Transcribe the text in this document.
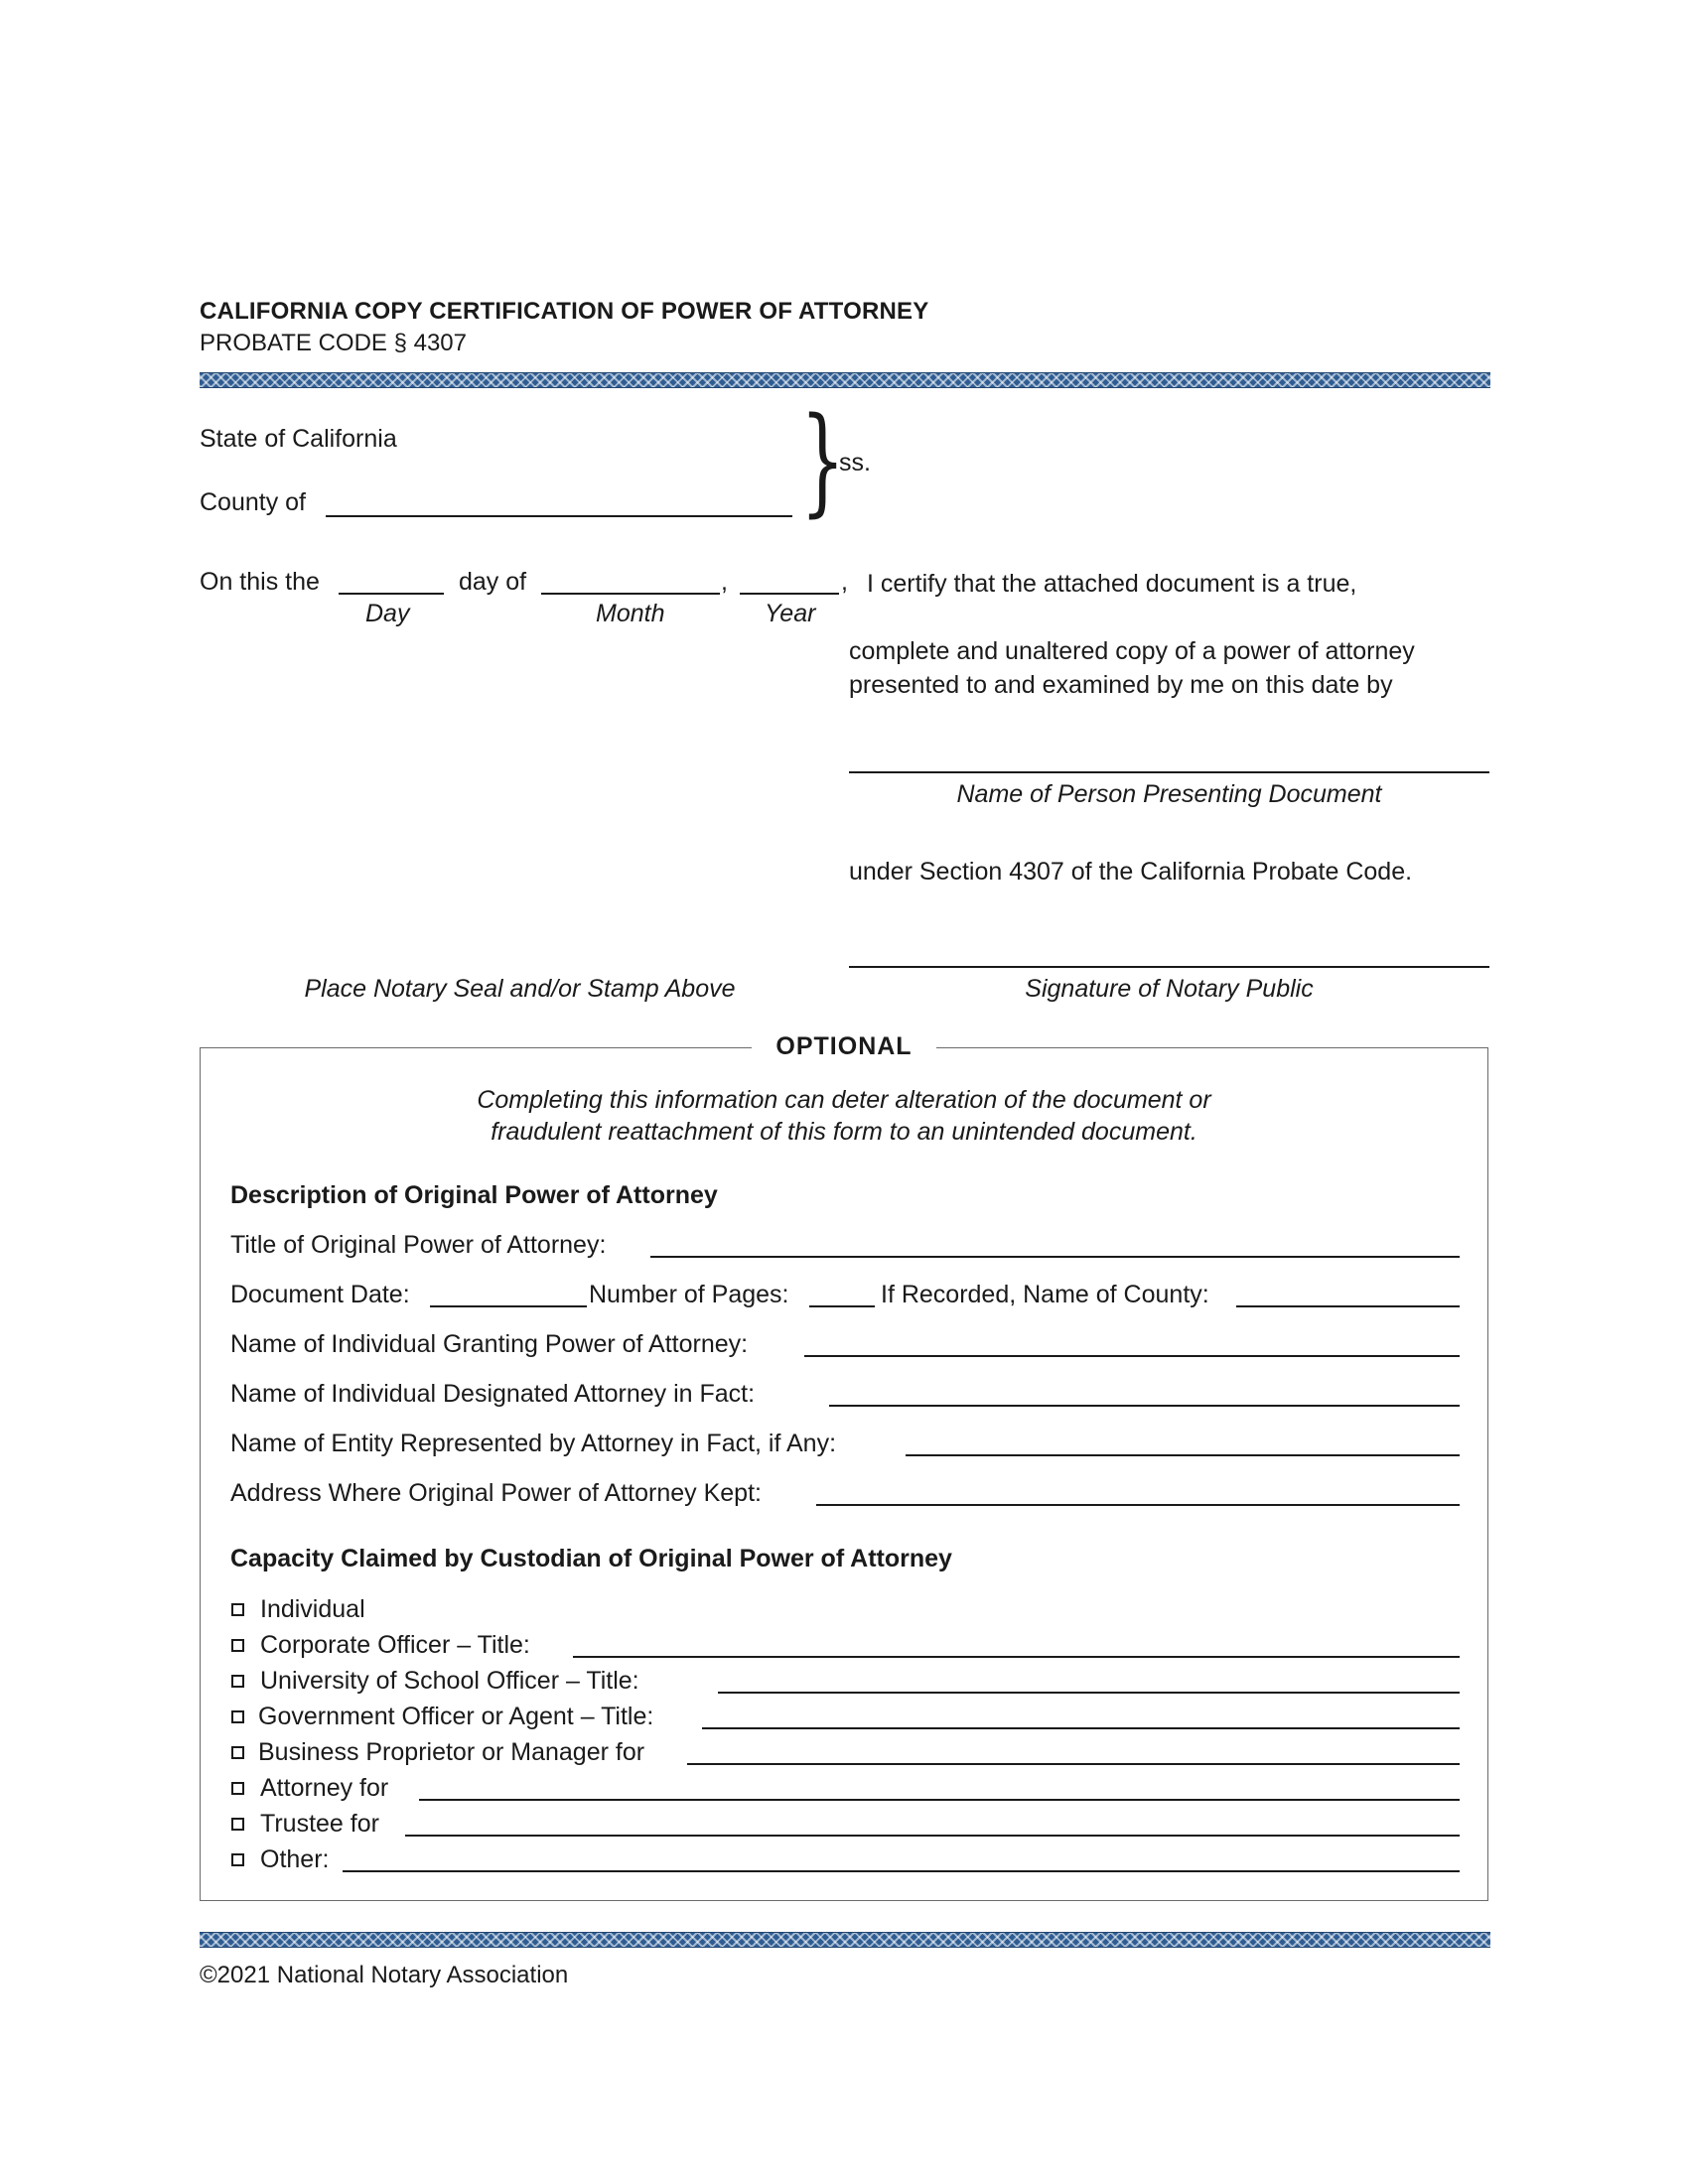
CALIFORNIA COPY CERTIFICATION OF POWER OF ATTORNEY
PROBATE CODE § 4307
State of California
County of	}
ss.
On this the	day of	,	, I certify that the attached document is a true,
Day	Month	Year
complete and unaltered copy of a power of attorney
presented to and examined by me on this date by
Name of Person Presenting Document
under Section 4307 of the California Probate Code.
Place Notary Seal and/or Stamp Above	Signature of Notary Public
OPTIONAL
Completing this information can deter alteration of the document or
fraudulent reattachment of this form to an unintended document.
Description of Original Power of Attorney
Title of Original Power of Attorney:
Document Date:	Number of Pages:	If Recorded, Name of County:
Name of Individual Granting Power of Attorney:
Name of Individual Designated Attorney in Fact:
Name of Entity Represented by Attorney in Fact, if Any:
Address Where Original Power of Attorney Kept:
Capacity Claimed by Custodian of Original Power of Attorney
Individual
Corporate Officer – Title:
University of School Officer – Title:
Government Officer or Agent – Title:
Business Proprietor or Manager for
Attorney for
Trustee for
Other:
©2021 National Notary Association
